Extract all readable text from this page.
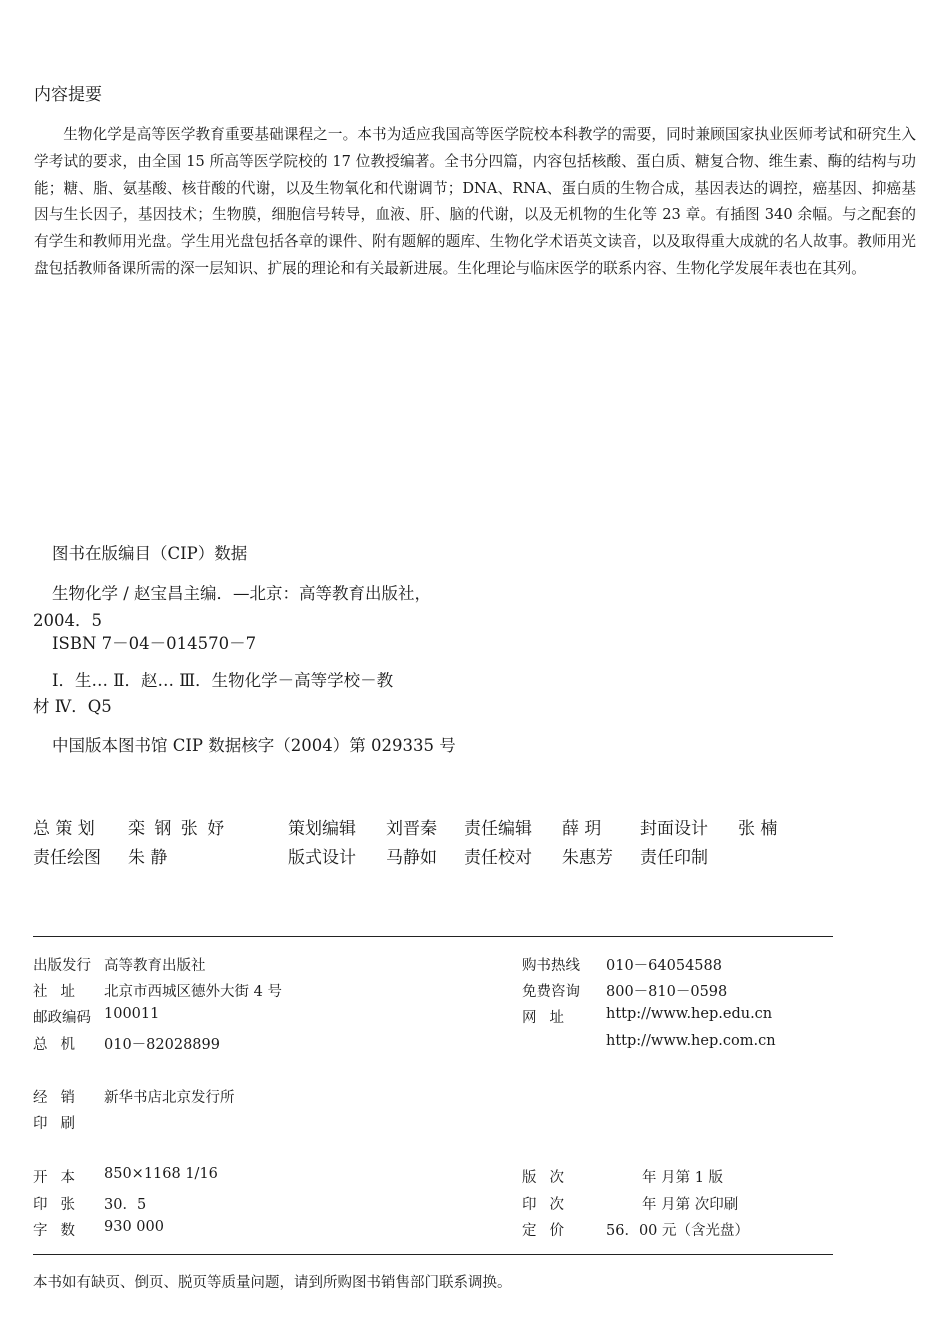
内容提要
生物化学是高等医学教育重要基础课程之一。本书为适应我国高等医学院校本科教学的需要，同时兼顾国家执业医师考试和研究生入学考试的要求，由全国 15 所高等医学院校的 17 位教授编著。全书分四篇，内容包括核酸、蛋白质、糖复合物、维生素、酶的结构与功能；糖、脂、氨基酸、核苷酸的代谢，以及生物氧化和代谢调节；DNA、RNA、蛋白质的生物合成，基因表达的调控，癌基因、抑癌基因与生长因子，基因技术；生物膜，细胞信号转导，血液、肝、脑的代谢，以及无机物的生化等 23 章。有插图 340 余幅。与之配套的有学生和教师用光盘。学生用光盘包括各章的课件、附有题解的题库、生物化学术语英文读音，以及取得重大成就的名人故事。教师用光盘包括教师备课所需的深一层知识、扩展的理论和有关最新进展。生化理论与临床医学的联系内容、生物化学发展年表也在其列。
图书在版编目（CIP）数据
生物化学 / 赵宝昌主编．—北京：高等教育出版社，
2004．5
ISBN 7－04－014570－7
Ⅰ．生… Ⅱ．赵… Ⅲ．生物化学－高等学校－教
材 Ⅳ．Q5
中国版本图书馆 CIP 数据核字（2004）第 029335 号
总 策 划 栾 钢 张 妤	策划编辑 刘晋秦 责任编辑 薛 玥 封面设计 张 楠
责任绘图 朱 静	版式设计 马静如 责任校对 朱惠芳 责任印制
出版发行 高等教育出版社
社址 北京市西城区德外大街 4 号
邮政编码 100011
总机 010－82028899
购书热线 010－64054588
免费咨询 800－810－0598
网址 http://www.hep.edu.cn
http://www.hep.com.cn
经销 新华书店北京发行所
印刷
开本 850×1168 1/16
印张 30．5
字数 930 000
版次	年 月第 1 版
印次	年 月第 次印刷
定价 56．00 元（含光盘）
本书如有缺页、倒页、脱页等质量问题，请到所购图书销售部门联系调换。
